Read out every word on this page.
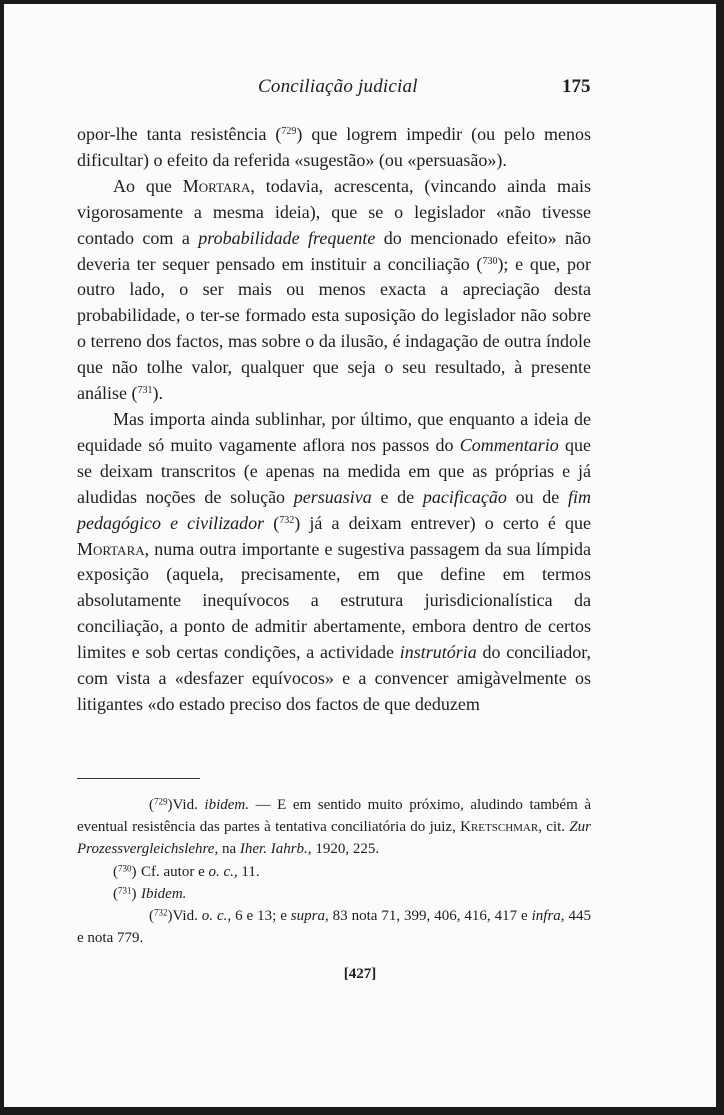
Conciliação judicial	175

opor-lhe tanta resistência ($^{729}$) que logrem impedir (ou pelo menos dificultar) o efeito da referida «sugestão» (ou «persuasão»).

Ao que Mortara, todavia, acrescenta, (vincando ainda mais vigorosamente a mesma ideia), que se o legislador «não tivesse contado com a probabilidade frequente do mencionado efeito» não deveria ter sequer pensado em instituir a conciliação ($^{730}$); e que, por outro lado, o ser mais ou menos exacta a apreciação desta probabilidade, o ter-se formado esta suposição do legislador não sobre o terreno dos factos, mas sobre o da ilusão, é indagação de outra índole que não tolhe valor, qualquer que seja o seu resultado, à presente análise ($^{731}$).

Mas importa ainda sublinhar, por último, que enquanto a ideia de equidade só muito vagamente aflora nos passos do Commentario que se deixam transcritos (e apenas na medida em que as próprias e já aludidas noções de solução persuasiva e de pacificação ou de fim pedagógico e civilizador ($^{732}$) já a deixam entrever) o certo é que Mortara, numa outra importante e sugestiva passagem da sua límpida exposição (aquela, precisamente, em que define em termos absolutamente inequívocos a estrutura jurisdicionalística da conciliação, a ponto de admitir abertamente, embora dentro de certos limites e sob certas condições, a actividade instrutória do conciliador, com vista a «desfazer equívocos» e a convencer amigàvelmente os litigantes «do estado preciso dos factos de que deduzem

($^{729}$)Vid. ibidem. — E em sentido muito próximo, aludindo também à eventual resistência das partes à tentativa conciliatória do juiz, Kretschmar, cit. Zur Prozessvergleichslehre, na Iher. Iahrb., 1920, 225.

($^{730}$) Cf. autor e o. c., 11.

($^{731}$) Ibidem.

($^{732}$)Vid. o. c., 6 e 13; e supra, 83 nota 71, 399, 406, 416, 417 e infra, 445 e nota 779.

[427]
